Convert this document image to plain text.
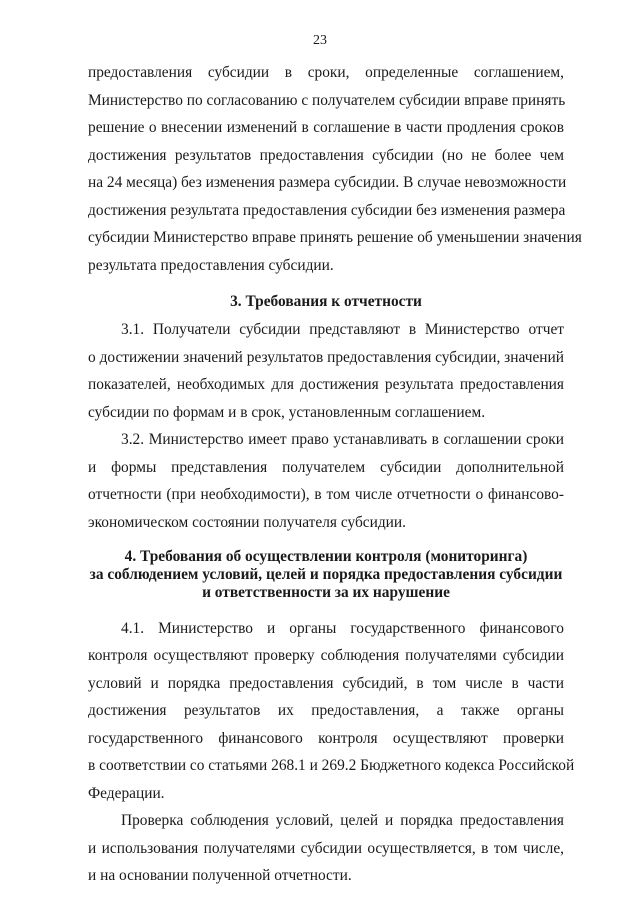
23
предоставления субсидии в сроки, определенные соглашением,
Министерство по согласованию с получателем субсидии вправе принять
решение о внесении изменений в соглашение в части продления сроков
достижения результатов предоставления субсидии (но не более чем
на 24 месяца) без изменения размера субсидии. В случае невозможности
достижения результата предоставления субсидии без изменения размера
субсидии Министерство вправе принять решение об уменьшении значения
результата предоставления субсидии.
3. Требования к отчетности
3.1. Получатели субсидии представляют в Министерство отчет
о достижении значений результатов предоставления субсидии, значений
показателей, необходимых для достижения результата предоставления
субсидии по формам и в срок, установленным соглашением.
3.2. Министерство имеет право устанавливать в соглашении сроки
и формы представления получателем субсидии дополнительной
отчетности (при необходимости), в том числе отчетности о финансово-
экономическом состоянии получателя субсидии.
4. Требования об осуществлении контроля (мониторинга)
за соблюдением условий, целей и порядка предоставления субсидии
и ответственности за их нарушение
4.1. Министерство и органы государственного финансового
контроля осуществляют проверку соблюдения получателями субсидии
условий и порядка предоставления субсидий, в том числе в части
достижения результатов их предоставления, а также органы
государственного финансового контроля осуществляют проверки
в соответствии со статьями 268.1 и 269.2 Бюджетного кодекса Российской
Федерации.
Проверка соблюдения условий, целей и порядка предоставления
и использования получателями субсидии осуществляется, в том числе,
и на основании полученной отчетности.
